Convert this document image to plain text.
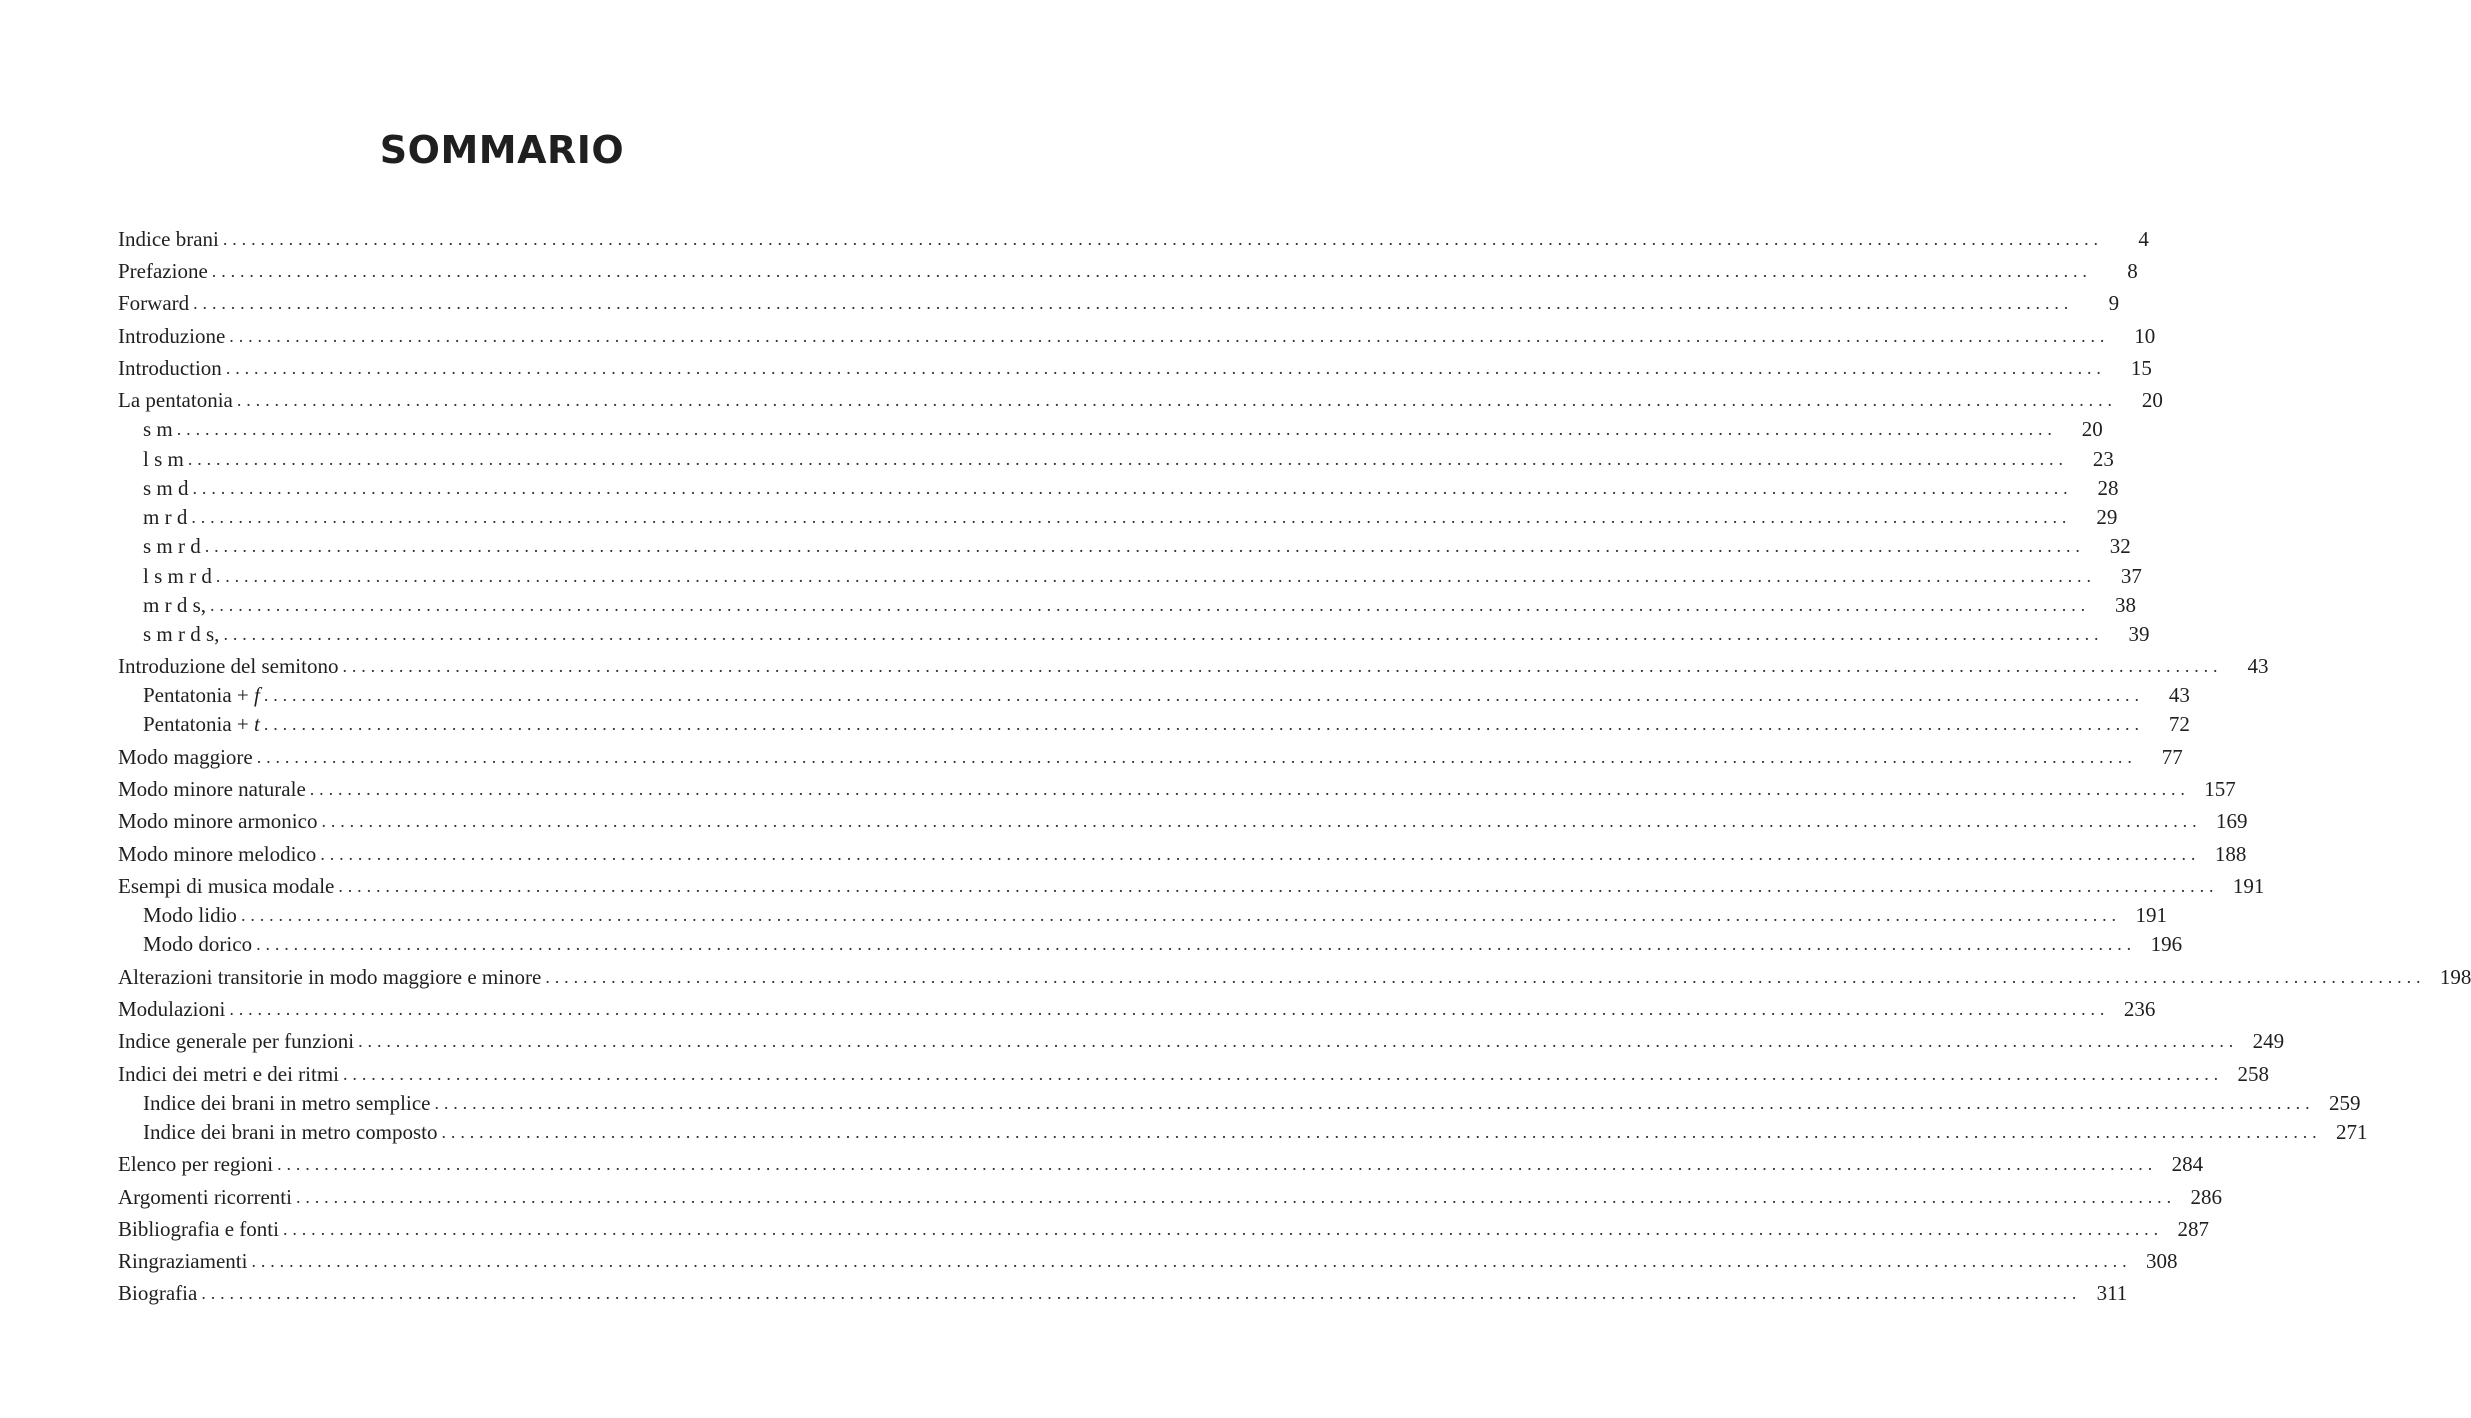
SOMMARIO
Indice brani ........................................................................................................................................................................................................	4
Prefazione ........................................................................................................................................................................................................	8
Forward ........................................................................................................................................................................................................	9
Introduzione ........................................................................................................................................................................................................	10
Introduction ........................................................................................................................................................................................................	15
La pentatonia ........................................................................................................................................................................................................	20
s m ........................................................................................................................................................................................................	20
l s m ........................................................................................................................................................................................................	23
s m d ........................................................................................................................................................................................................	28
m r d ........................................................................................................................................................................................................	29
s m r d ........................................................................................................................................................................................................	32
l s m r d ........................................................................................................................................................................................................	37
m r d s, ........................................................................................................................................................................................................	38
s m r d s, ........................................................................................................................................................................................................	39
Introduzione del semitono ........................................................................................................................................................................................................	43
Pentatonia + f ........................................................................................................................................................................................................	43
Pentatonia + t ........................................................................................................................................................................................................	72
Modo maggiore ........................................................................................................................................................................................................	77
Modo minore naturale ........................................................................................................................................................................................................ 157
Modo minore armonico ........................................................................................................................................................................................................ 169
Modo minore melodico ........................................................................................................................................................................................................ 188
Esempi di musica modale ........................................................................................................................................................................................................ 191
Modo lidio ........................................................................................................................................................................................................ 191
Modo dorico ........................................................................................................................................................................................................ 196
Alterazioni transitorie in modo maggiore e minore ........................................................................................................................................................................................................ 198
Modulazioni ........................................................................................................................................................................................................ 236
Indice generale per funzioni ........................................................................................................................................................................................................ 249
Indici dei metri e dei ritmi ........................................................................................................................................................................................................ 258
Indice dei brani in metro semplice ........................................................................................................................................................................................................ 259
Indice dei brani in metro composto ........................................................................................................................................................................................................ 271
Elenco per regioni ........................................................................................................................................................................................................ 284
Argomenti ricorrenti ........................................................................................................................................................................................................ 286
Bibliografia e fonti ........................................................................................................................................................................................................ 287
Ringraziamenti ........................................................................................................................................................................................................ 308
Biografia ........................................................................................................................................................................................................ 311
